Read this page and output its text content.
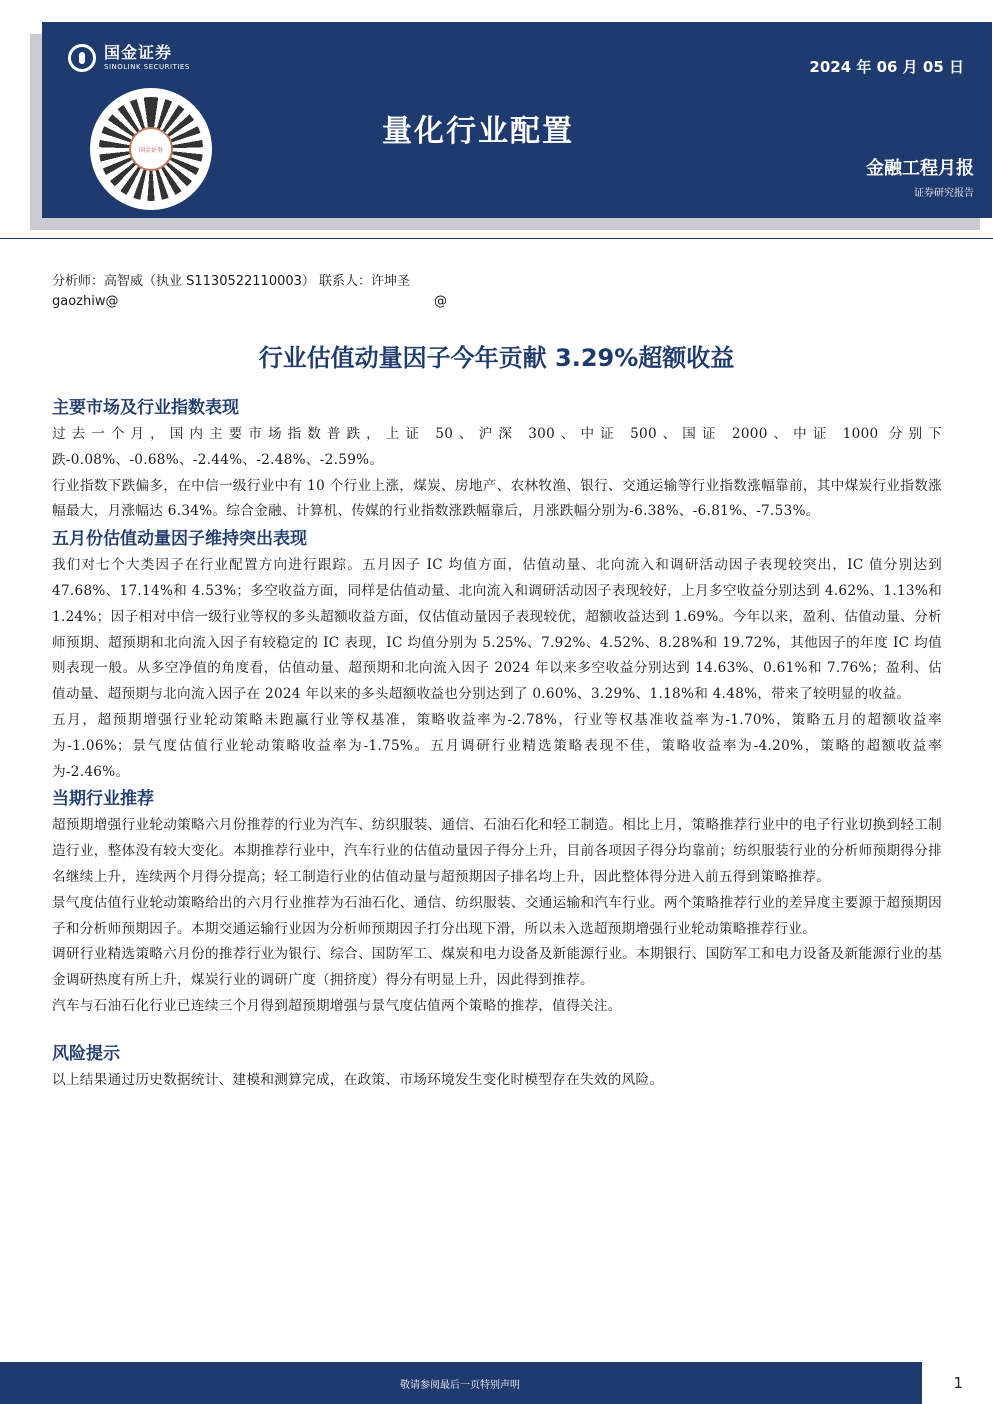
国金证券
SINOLINK SECURITIES
国金证券
2024 年 06 月 05 日
量化行业配置
金融工程月报
证券研究报告
分析师：高智威（执业 S1130522110003） 联系人：许坤圣
gaozhiw@	@
行业估值动量因子今年贡献 3.29%超额收益
主要市场及行业指数表现

过去一个月，国内主要市场指数普跌，上证 50、沪深 300、中证 500、国证 2000、中证 1000 分别下跌-0.08%、-0.68%、-2.44%、-2.48%、-2.59%。

行业指数下跌偏多，在中信一级行业中有 10 个行业上涨，煤炭、房地产、农林牧渔、银行、交通运输等行业指数涨幅靠前，其中煤炭行业指数涨幅最大，月涨幅达 6.34%。综合金融、计算机、传媒的行业指数涨跌幅靠后，月涨跌幅分别为-6.38%、-6.81%、-7.53%。

五月份估值动量因子维持突出表现

我们对七个大类因子在行业配置方向进行跟踪。五月因子 IC 均值方面，估值动量、北向流入和调研活动因子表现较突出，IC 值分别达到 47.68%、17.14%和 4.53%；多空收益方面，同样是估值动量、北向流入和调研活动因子表现较好，上月多空收益分别达到 4.62%、1.13%和 1.24%；因子相对中信一级行业等权的多头超额收益方面，仅估值动量因子表现较优，超额收益达到 1.69%。今年以来，盈利、估值动量、分析师预期、超预期和北向流入因子有较稳定的 IC 表现，IC 均值分别为 5.25%、7.92%、4.52%、8.28%和 19.72%，其他因子的年度 IC 均值则表现一般。从多空净值的角度看，估值动量、超预期和北向流入因子 2024 年以来多空收益分别达到 14.63%、0.61%和 7.76%；盈利、估值动量、超预期与北向流入因子在 2024 年以来的多头超额收益也分别达到了 0.60%、3.29%、1.18%和 4.48%，带来了较明显的收益。

五月，超预期增强行业轮动策略未跑赢行业等权基准，策略收益率为-2.78%，行业等权基准收益率为-1.70%，策略五月的超额收益率为-1.06%；景气度估值行业轮动策略收益率为-1.75%。五月调研行业精选策略表现不佳，策略收益率为-4.20%，策略的超额收益率为-2.46%。

当期行业推荐

超预期增强行业轮动策略六月份推荐的行业为汽车、纺织服装、通信、石油石化和轻工制造。相比上月，策略推荐行业中的电子行业切换到轻工制造行业，整体没有较大变化。本期推荐行业中，汽车行业的估值动量因子得分上升，目前各项因子得分均靠前；纺织服装行业的分析师预期得分排名继续上升，连续两个月得分提高；轻工制造行业的估值动量与超预期因子排名均上升，因此整体得分进入前五得到策略推荐。

景气度估值行业轮动策略给出的六月行业推荐为石油石化、通信、纺织服装、交通运输和汽车行业。两个策略推荐行业的差异度主要源于超预期因子和分析师预期因子。本期交通运输行业因为分析师预期因子打分出现下滑，所以未入选超预期增强行业轮动策略推荐行业。

调研行业精选策略六月份的推荐行业为银行、综合、国防军工、煤炭和电力设备及新能源行业。本期银行、国防军工和电力设备及新能源行业的基金调研热度有所上升，煤炭行业的调研广度（拥挤度）得分有明显上升，因此得到推荐。

汽车与石油石化行业已连续三个月得到超预期增强与景气度估值两个策略的推荐，值得关注。

风险提示

以上结果通过历史数据统计、建模和测算完成，在政策、市场环境发生变化时模型存在失效的风险。

敬请参阅最后一页特别声明	1
